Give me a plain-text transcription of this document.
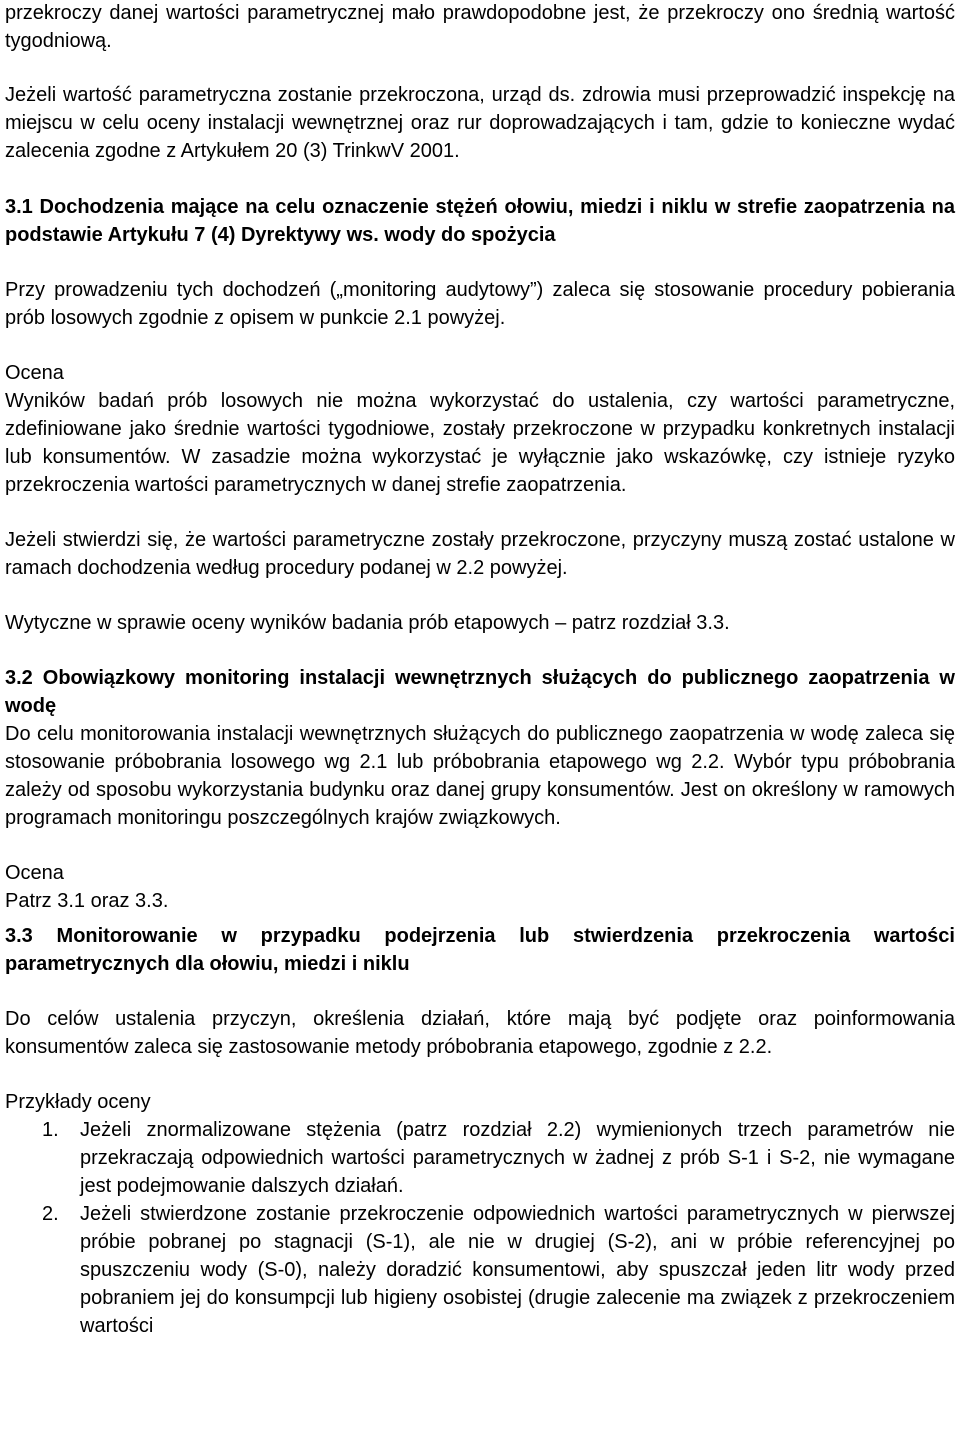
przekroczy danej wartości parametrycznej mało prawdopodobne jest, że przekroczy ono średnią wartość tygodniową.

Jeżeli wartość parametryczna zostanie przekroczona, urząd ds. zdrowia musi przeprowadzić inspekcję na miejscu w celu oceny instalacji wewnętrznej oraz rur doprowadzających i tam, gdzie to konieczne wydać zalecenia zgodne z Artykułem 20 (3) TrinkwV 2001.

3.1 Dochodzenia mające na celu oznaczenie stężeń ołowiu, miedzi i niklu w strefie zaopatrzenia na podstawie Artykułu 7 (4) Dyrektywy ws. wody do spożycia

Przy prowadzeniu tych dochodzeń („monitoring audytowy”) zaleca się stosowanie procedury pobierania prób losowych zgodnie z opisem w punkcie 2.1 powyżej.

Ocena

Wyników badań prób losowych nie można wykorzystać do ustalenia, czy wartości parametryczne, zdefiniowane jako średnie wartości tygodniowe, zostały przekroczone w przypadku konkretnych instalacji lub konsumentów. W zasadzie można wykorzystać je wyłącznie jako wskazówkę, czy istnieje ryzyko przekroczenia wartości parametrycznych w danej strefie zaopatrzenia.

Jeżeli stwierdzi się, że wartości parametryczne zostały przekroczone, przyczyny muszą zostać ustalone w ramach dochodzenia według procedury podanej w 2.2 powyżej.

Wytyczne w sprawie oceny wyników badania prób etapowych – patrz rozdział 3.3.

3.2 Obowiązkowy monitoring instalacji wewnętrznych służących do publicznego zaopatrzenia w wodę

Do celu monitorowania instalacji wewnętrznych służących do publicznego zaopatrzenia w wodę zaleca się stosowanie próbobrania losowego wg 2.1 lub próbobrania etapowego wg 2.2. Wybór typu próbobrania zależy od sposobu wykorzystania budynku oraz danej grupy konsumentów. Jest on określony w ramowych programach monitoringu poszczególnych krajów związkowych.

Ocena

Patrz 3.1 oraz 3.3.

3.3 Monitorowanie w przypadku podejrzenia lub stwierdzenia przekroczenia wartości parametrycznych dla ołowiu, miedzi i niklu

Do celów ustalenia przyczyn, określenia działań, które mają być podjęte oraz poinformowania konsumentów zaleca się zastosowanie metody próbobrania etapowego, zgodnie z 2.2.

Przykłady oceny

1. Jeżeli znormalizowane stężenia (patrz rozdział 2.2) wymienionych trzech parametrów nie przekraczają odpowiednich wartości parametrycznych w żadnej z prób S-1 i S-2, nie wymagane jest podejmowanie dalszych działań.
2. Jeżeli stwierdzone zostanie przekroczenie odpowiednich wartości parametrycznych w pierwszej próbie pobranej po stagnacji (S-1), ale nie w drugiej (S-2), ani w próbie referencyjnej po spuszczeniu wody (S-0), należy doradzić konsumentowi, aby spuszczał jeden litr wody przed pobraniem jej do konsumpcji lub higieny osobistej (drugie zalecenie ma związek z przekroczeniem wartości
